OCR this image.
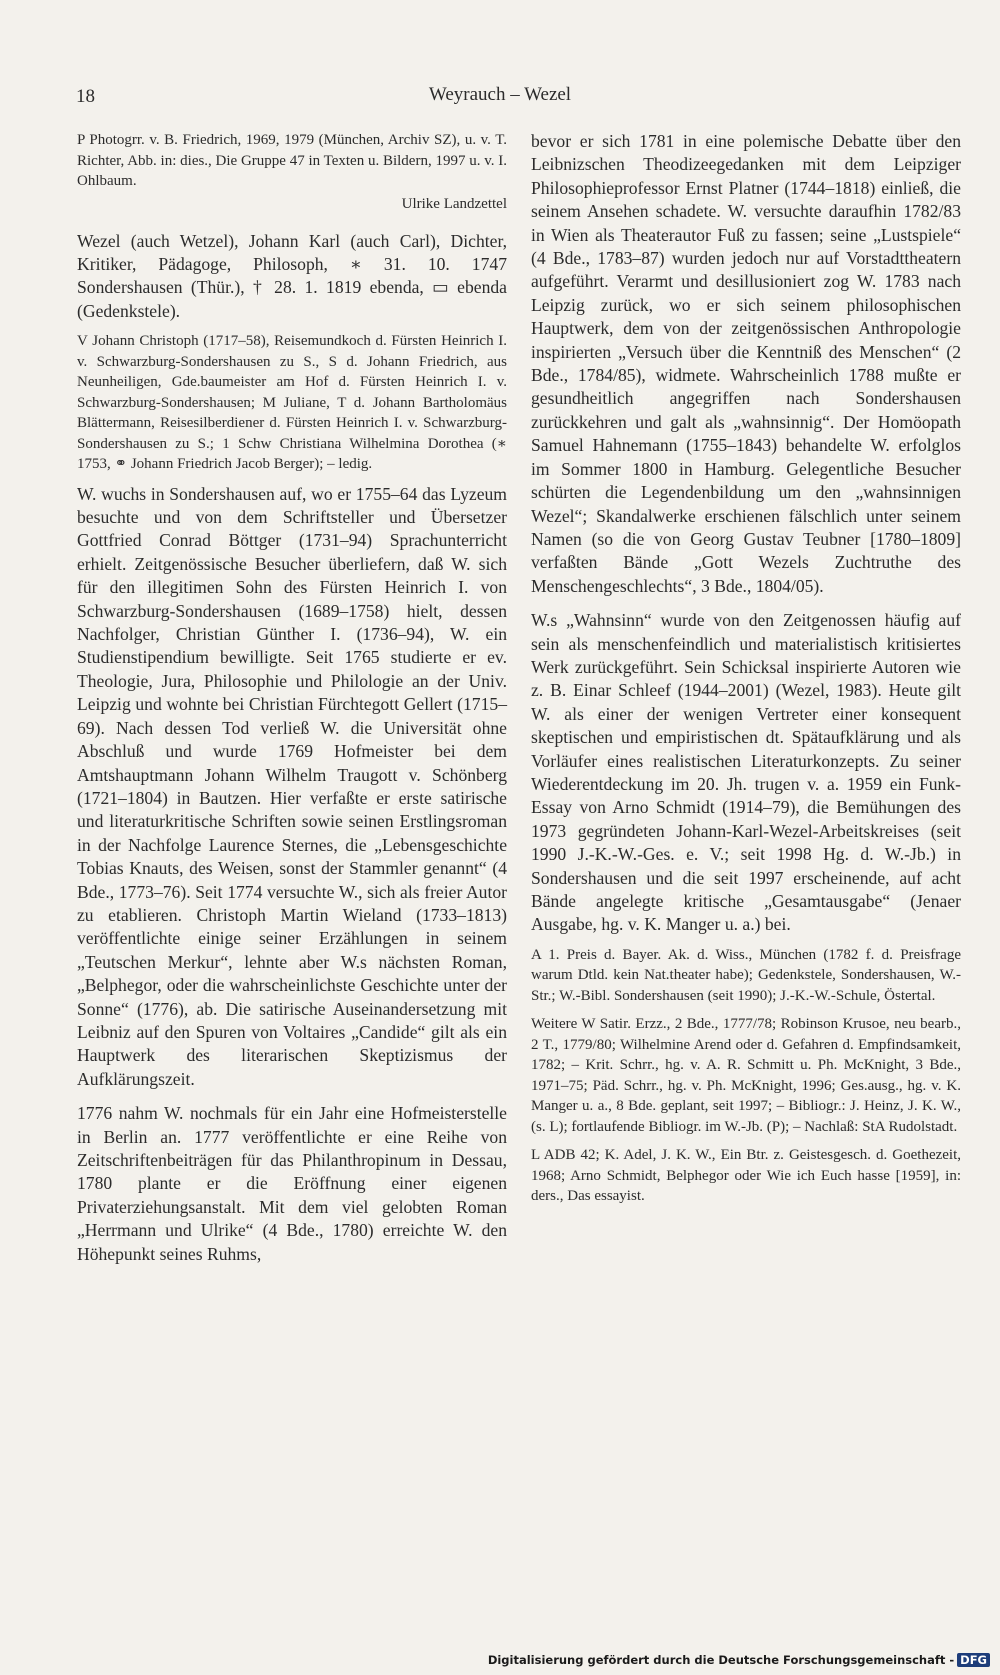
18	Weyrauch – Wezel

P Photogrr. v. B. Friedrich, 1969, 1979 (München, Archiv SZ), u. v. T. Richter, Abb. in: dies., Die Gruppe 47 in Texten u. Bildern, 1997 u. v. I. Ohlbaum.

Ulrike Landzettel

Wezel (auch Wetzel), Johann Karl (auch Carl), Dichter, Kritiker, Pädagoge, Philosoph, ∗ 31. 10. 1747 Sondershausen (Thür.), † 28. 1. 1819 ebenda, ▭ ebenda (Gedenkstele).

V Johann Christoph (1717–58), Reisemundkoch d. Fürsten Heinrich I. v. Schwarzburg-Sondershausen zu S., S d. Johann Friedrich, aus Neunheiligen, Gde.baumeister am Hof d. Fürsten Heinrich I. v. Schwarzburg-Sondershausen; M Juliane, T d. Johann Bartholomäus Blättermann, Reisesilberdiener d. Fürsten Heinrich I. v. Schwarzburg-Sondershausen zu S.; 1 Schw Christiana Wilhelmina Dorothea (∗ 1753, ⚭ Johann Friedrich Jacob Berger); – ledig.

W. wuchs in Sondershausen auf, wo er 1755–64 das Lyzeum besuchte und von dem Schriftsteller und Übersetzer Gottfried Conrad Böttger (1731–94) Sprachunterricht erhielt. Zeitgenössische Besucher überliefern, daß W. sich für den illegitimen Sohn des Fürsten Heinrich I. von Schwarzburg-Sondershausen (1689–1758) hielt, dessen Nachfolger, Christian Günther I. (1736–94), W. ein Studienstipendium bewilligte. Seit 1765 studierte er ev. Theologie, Jura, Philosophie und Philologie an der Univ. Leipzig und wohnte bei Christian Fürchtegott Gellert (1715–69). Nach dessen Tod verließ W. die Universität ohne Abschluß und wurde 1769 Hofmeister bei dem Amtshauptmann Johann Wilhelm Traugott v. Schönberg (1721–1804) in Bautzen. Hier verfaßte er erste satirische und literaturkritische Schriften sowie seinen Erstlingsroman in der Nachfolge Laurence Sternes, die „Lebensgeschichte Tobias Knauts, des Weisen, sonst der Stammler genannt“ (4 Bde., 1773–76). Seit 1774 versuchte W., sich als freier Autor zu etablieren. Christoph Martin Wieland (1733–1813) veröffentlichte einige seiner Erzählungen in seinem „Teutschen Merkur“, lehnte aber W.s nächsten Roman, „Belphegor, oder die wahrscheinlichste Geschichte unter der Sonne“ (1776), ab. Die satirische Auseinandersetzung mit Leibniz auf den Spuren von Voltaires „Candide“ gilt als ein Hauptwerk des literarischen Skeptizismus der Aufklärungszeit.

1776 nahm W. nochmals für ein Jahr eine Hofmeisterstelle in Berlin an. 1777 veröffentlichte er eine Reihe von Zeitschriftenbeiträgen für das Philanthropinum in Dessau, 1780 plante er die Eröffnung einer eigenen Privaterziehungsanstalt. Mit dem viel gelobten Roman „Herrmann und Ulrike“ (4 Bde., 1780) erreichte W. den Höhepunkt seines Ruhms,

bevor er sich 1781 in eine polemische Debatte über den Leibnizschen Theodizeegedanken mit dem Leipziger Philosophieprofessor Ernst Platner (1744–1818) einließ, die seinem Ansehen schadete. W. versuchte daraufhin 1782/83 in Wien als Theaterautor Fuß zu fassen; seine „Lustspiele“ (4 Bde., 1783–87) wurden jedoch nur auf Vorstadttheatern aufgeführt. Verarmt und desillusioniert zog W. 1783 nach Leipzig zurück, wo er sich seinem philosophischen Hauptwerk, dem von der zeitgenössischen Anthropologie inspirierten „Versuch über die Kenntniß des Menschen“ (2 Bde., 1784/85), widmete. Wahrscheinlich 1788 mußte er gesundheitlich angegriffen nach Sondershausen zurückkehren und galt als „wahnsinnig“. Der Homöopath Samuel Hahnemann (1755–1843) behandelte W. erfolglos im Sommer 1800 in Hamburg. Gelegentliche Besucher schürten die Legendenbildung um den „wahnsinnigen Wezel“; Skandalwerke erschienen fälschlich unter seinem Namen (so die von Georg Gustav Teubner [1780–1809] verfaßten Bände „Gott Wezels Zuchtruthe des Menschengeschlechts“, 3 Bde., 1804/05).

W.s „Wahnsinn“ wurde von den Zeitgenossen häufig auf sein als menschenfeindlich und materialistisch kritisiertes Werk zurückgeführt. Sein Schicksal inspirierte Autoren wie z. B. Einar Schleef (1944–2001) (Wezel, 1983). Heute gilt W. als einer der wenigen Vertreter einer konsequent skeptischen und empiristischen dt. Spätaufklärung und als Vorläufer eines realistischen Literaturkonzepts. Zu seiner Wiederentdeckung im 20. Jh. trugen v. a. 1959 ein Funk-Essay von Arno Schmidt (1914–79), die Bemühungen des 1973 gegründeten Johann-Karl-Wezel-Arbeitskreises (seit 1990 J.-K.-W.-Ges. e. V.; seit 1998 Hg. d. W.-Jb.) in Sondershausen und die seit 1997 erscheinende, auf acht Bände angelegte kritische „Gesamtausgabe“ (Jenaer Ausgabe, hg. v. K. Manger u. a.) bei.

A 1. Preis d. Bayer. Ak. d. Wiss., München (1782 f. d. Preisfrage warum Dtld. kein Nat.theater habe); Gedenkstele, Sondershausen, W.-Str.; W.-Bibl. Sondershausen (seit 1990); J.-K.-W.-Schule, Östertal.

Weitere W Satir. Erzz., 2 Bde., 1777/78; Robinson Krusoe, neu bearb., 2 T., 1779/80; Wilhelmine Arend oder d. Gefahren d. Empfindsamkeit, 1782; – Krit. Schrr., hg. v. A. R. Schmitt u. Ph. McKnight, 3 Bde., 1971–75; Päd. Schrr., hg. v. Ph. McKnight, 1996; Ges.ausg., hg. v. K. Manger u. a., 8 Bde. geplant, seit 1997; – Bibliogr.: J. Heinz, J. K. W., (s. L); fortlaufende Bibliogr. im W.-Jb. (P); – Nachlaß: StA Rudolstadt.

L ADB 42; K. Adel, J. K. W., Ein Btr. z. Geistesgesch. d. Goethezeit, 1968; Arno Schmidt, Belphegor oder Wie ich Euch hasse [1959], in: ders., Das essayist.

Digitalisierung gefördert durch die Deutsche Forschungsgemeinschaft - DFG
